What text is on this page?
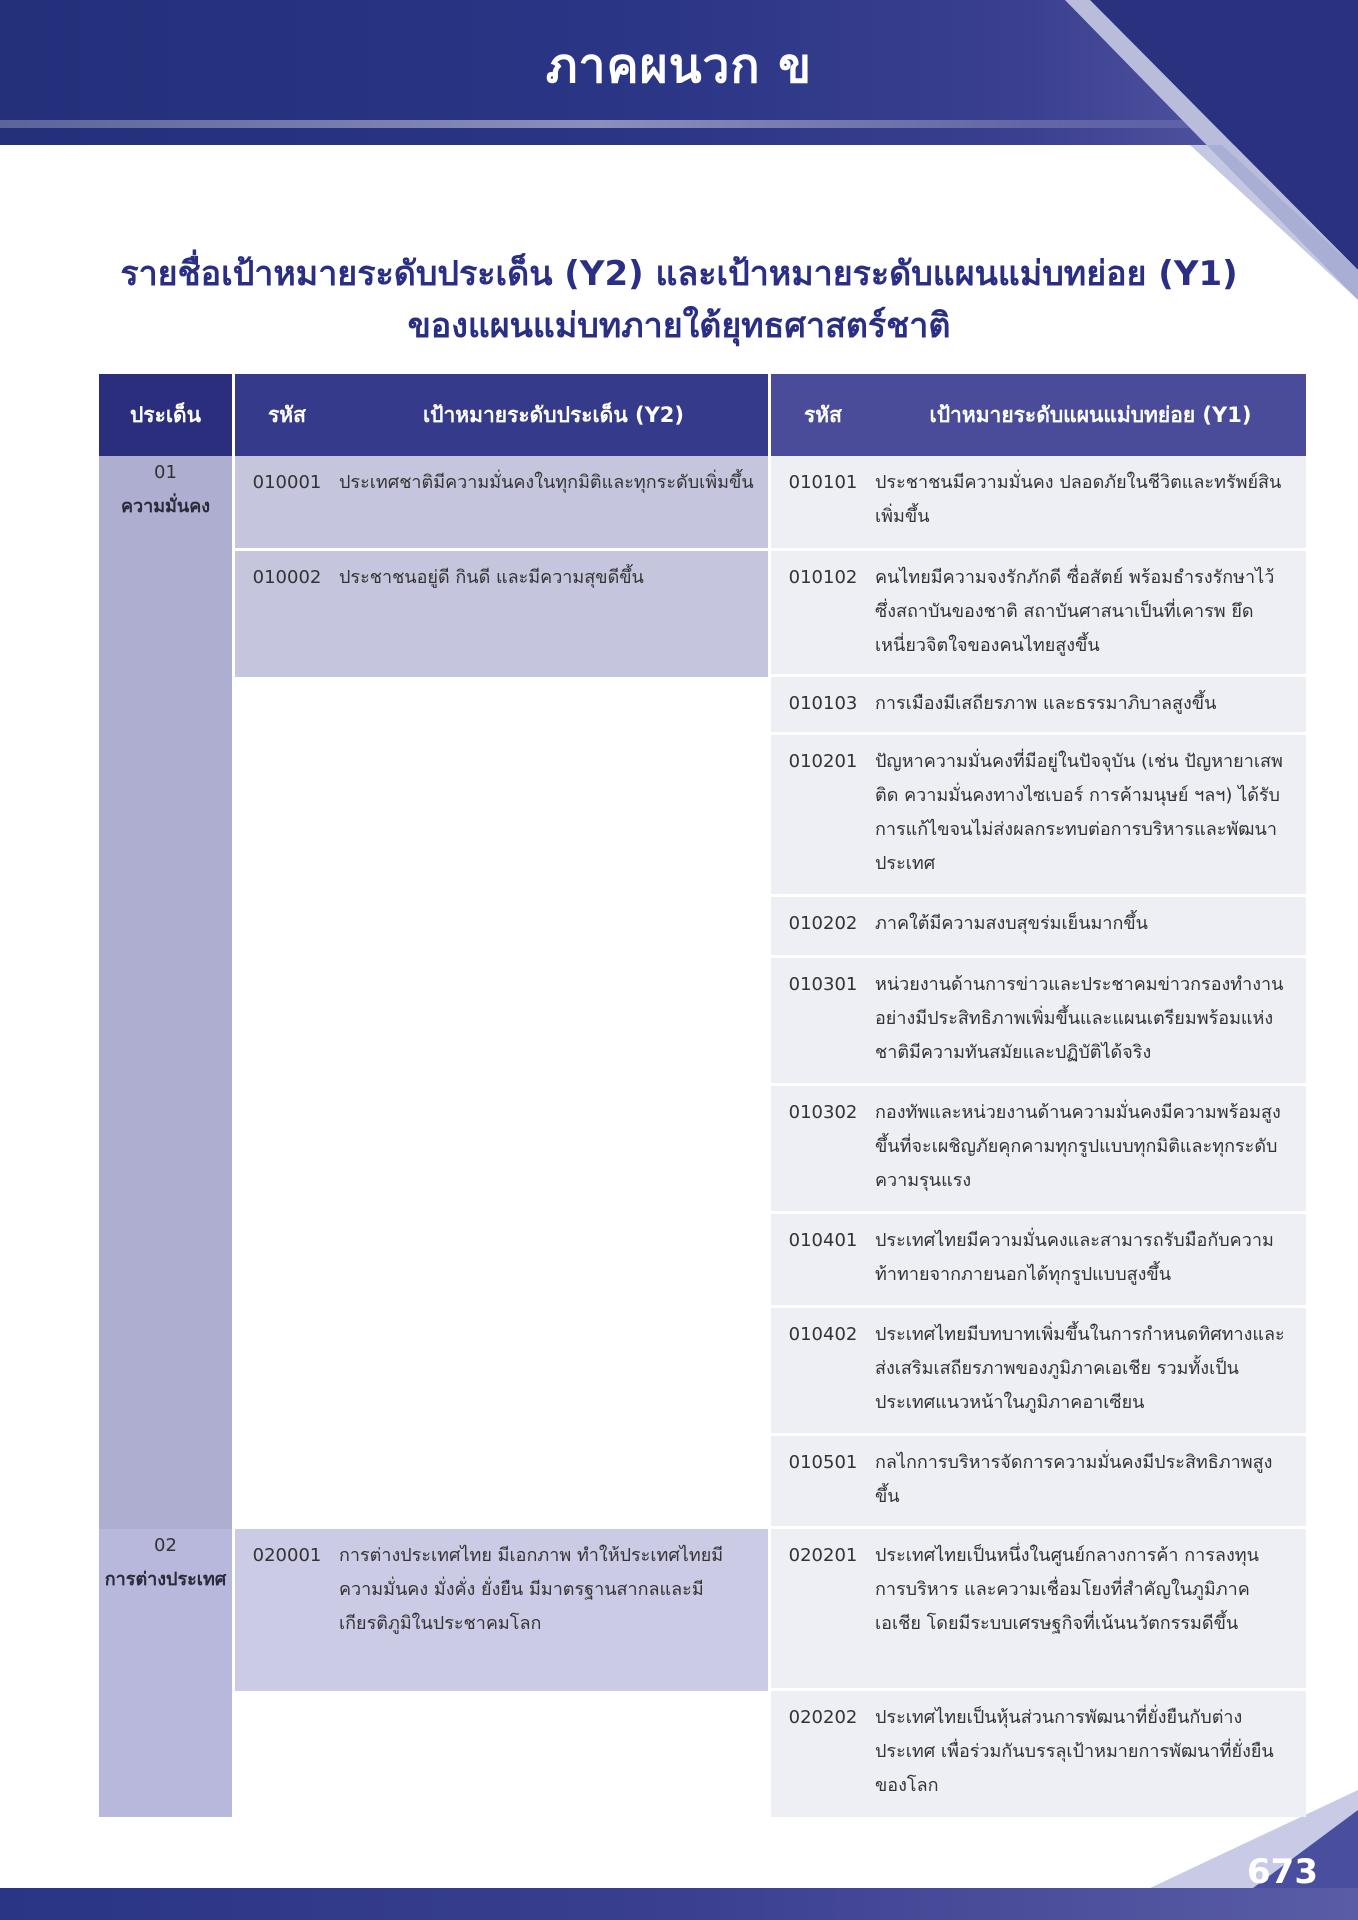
ภาคผนวก ข
รายชื่อเป้าหมายระดับประเด็น (Y2) และเป้าหมายระดับแผนแม่บทย่อย (Y1)
ของแผนแม่บทภายใต้ยุทธศาสตร์ชาติ
ประเด็น	รหัส เป้าหมายระดับประเด็น (Y2)	รหัส เป้าหมายระดับแผนแม่บทย่อย (Y1)

01
ความมั่นคง	010001 ประเทศชาติมีความมั่นคงในทุกมิติและทุกระดับเพิ่มขึ้น	010101 ประชาชนมีความมั่นคง ปลอดภัยในชีวิตและทรัพย์สินเพิ่มขึ้น

	010002 ประชาชนอยู่ดี กินดี และมีความสุขดีขึ้น	010102 คนไทยมีความจงรักภักดี ซื่อสัตย์ พร้อมธำรงรักษาไว้ซึ่งสถาบันของชาติ สถาบันศาสนาเป็นที่เคารพ ยึดเหนี่ยวจิตใจของคนไทยสูงขึ้น

		010103 การเมืองมีเสถียรภาพ และธรรมาภิบาลสูงขึ้น

		010201 ปัญหาความมั่นคงที่มีอยู่ในปัจจุบัน (เช่น ปัญหายาเสพติด ความมั่นคงทางไซเบอร์ การค้ามนุษย์ ฯลฯ) ได้รับการแก้ไขจนไม่ส่งผลกระทบต่อการบริหารและพัฒนาประเทศ

		010202 ภาคใต้มีความสงบสุขร่มเย็นมากขึ้น

		010301 หน่วยงานด้านการข่าวและประชาคมข่าวกรองทำงานอย่างมีประสิทธิภาพเพิ่มขึ้นและแผนเตรียมพร้อมแห่งชาติมีความทันสมัยและปฏิบัติได้จริง

		010302 กองทัพและหน่วยงานด้านความมั่นคงมีความพร้อมสูงขึ้นที่จะเผชิญภัยคุกคามทุกรูปแบบทุกมิติและทุกระดับความรุนแรง

		010401 ประเทศไทยมีความมั่นคงและสามารถรับมือกับความท้าทายจากภายนอกได้ทุกรูปแบบสูงขึ้น

		010402 ประเทศไทยมีบทบาทเพิ่มขึ้นในการกำหนดทิศทางและส่งเสริมเสถียรภาพของภูมิภาคเอเชีย รวมทั้งเป็นประเทศแนวหน้าในภูมิภาคอาเซียน

		010501 กลไกการบริหารจัดการความมั่นคงมีประสิทธิภาพสูงขึ้น

02
การต่างประเทศ	020001 การต่างประเทศไทย มีเอกภาพ ทำให้ประเทศไทยมีความมั่นคง มั่งคั่ง ยั่งยืน มีมาตรฐานสากลและมีเกียรติภูมิในประชาคมโลก	020201 ประเทศไทยเป็นหนึ่งในศูนย์กลางการค้า การลงทุน การบริหาร และความเชื่อมโยงที่สำคัญในภูมิภาคเอเชีย โดยมีระบบเศรษฐกิจที่เน้นนวัตกรรมดีขึ้น

		020202 ประเทศไทยเป็นหุ้นส่วนการพัฒนาที่ยั่งยืนกับต่างประเทศ เพื่อร่วมกันบรรลุเป้าหมายการพัฒนาที่ยั่งยืนของโลก
673
